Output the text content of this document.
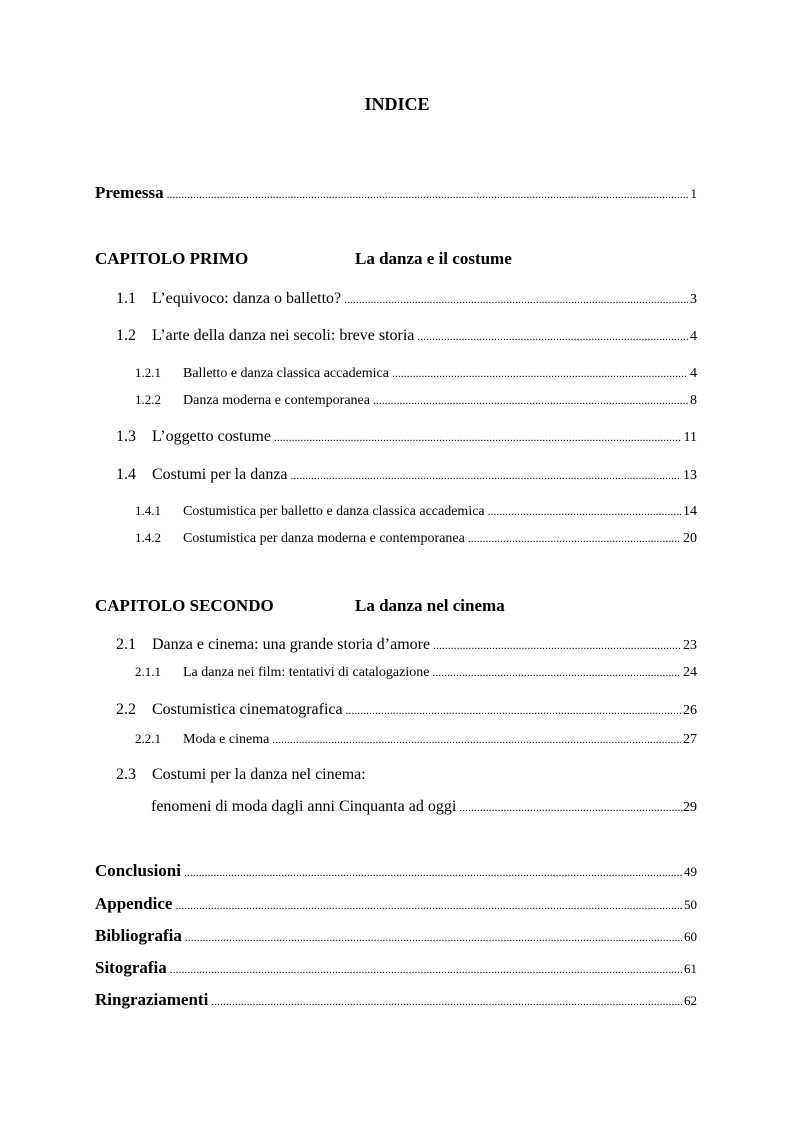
INDICE
Premessa .....	1
CAPITOLO PRIMO	La danza e il costume
1.1	L’equivoco: danza o balletto? .....	3
1.2	L’arte della danza nei secoli: breve storia .....	4
1.2.1	Balletto e danza classica accademica .....	4
1.2.2	Danza moderna e contemporanea .....	8
1.3	L’oggetto costume .....	11
1.4	Costumi per la danza .....	13
1.4.1	Costumistica per balletto e danza classica accademica .....	14
1.4.2	Costumistica per danza moderna e contemporanea .....	20
CAPITOLO SECONDO	La danza nel cinema
2.1	Danza e cinema: una grande storia d’amore .....	23
2.1.1	La danza nei film: tentativi di catalogazione .....	24
2.2	Costumistica cinematografica .....	26
2.2.1	Moda e cinema .....	27
2.3 Costumi per la danza nel cinema:
fenomeni di moda dagli anni Cinquanta ad oggi .....	29
Conclusioni .....	49
Appendice .....	50
Bibliografia .....	60
Sitografia .....	61
Ringraziamenti .....	62
